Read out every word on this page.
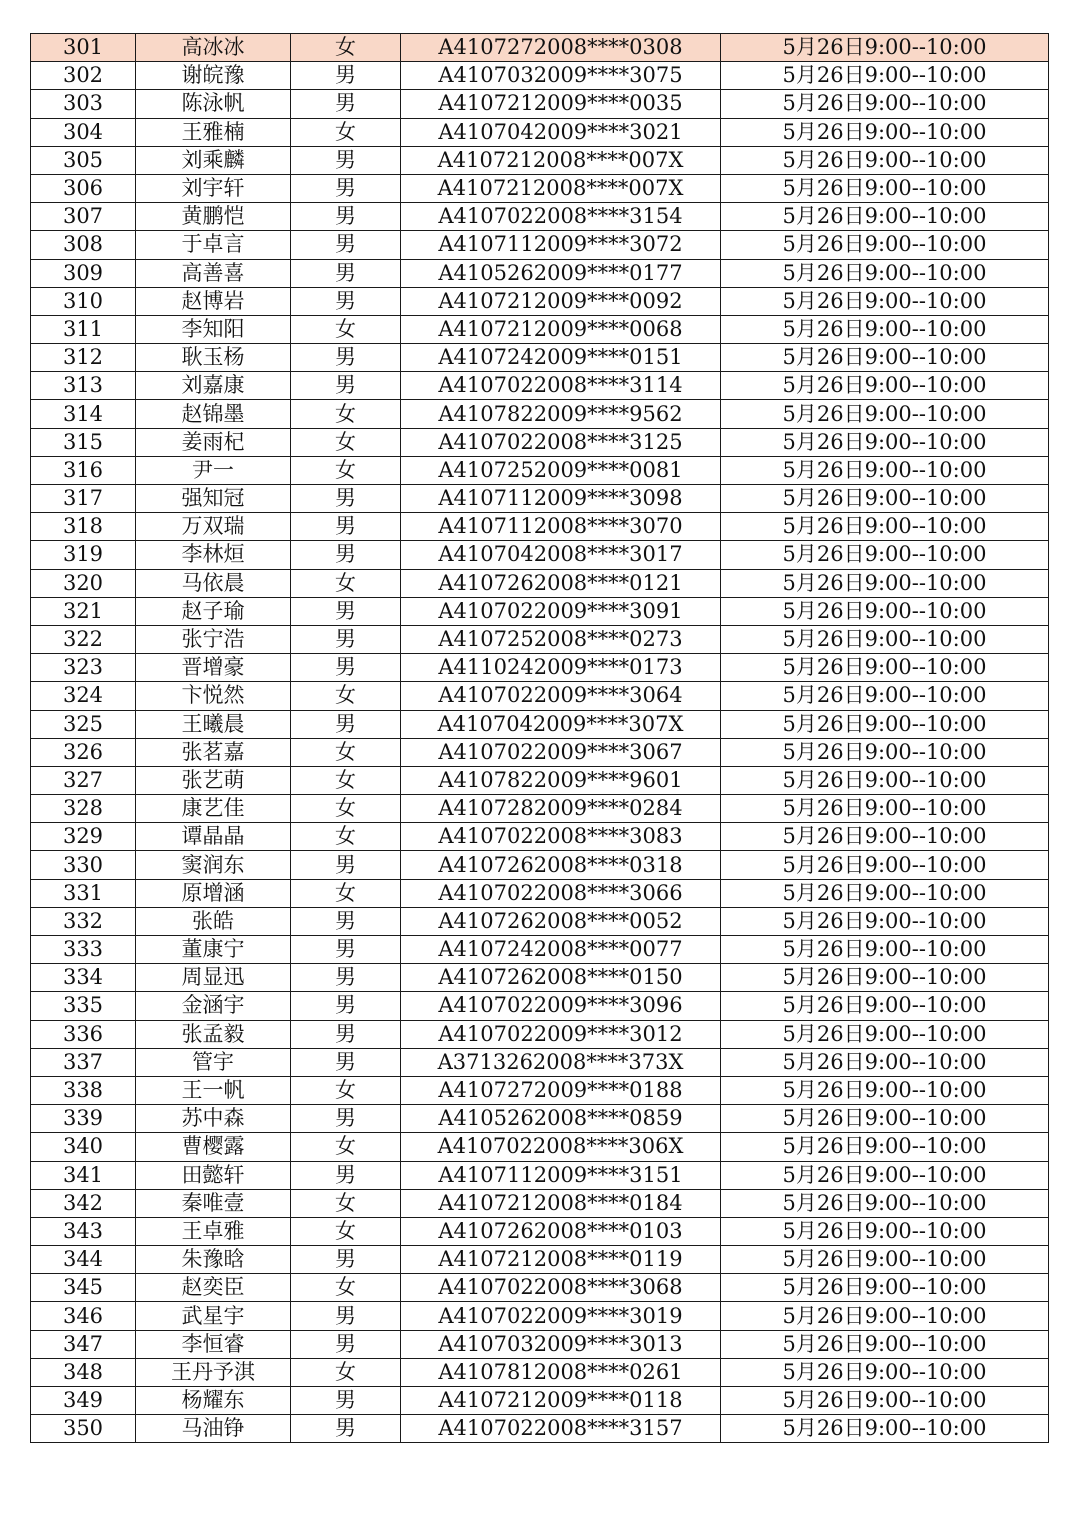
301	高冰冰	女	A4107272008****0308	5月26日9:00--10:00
302	谢皖豫	男	A4107032009****3075	5月26日9:00--10:00
303	陈泳帆	男	A4107212009****0035	5月26日9:00--10:00
304	王雅楠	女	A4107042009****3021	5月26日9:00--10:00
305	刘乘麟	男	A4107212008****007X	5月26日9:00--10:00
306	刘宇轩	男	A4107212008****007X	5月26日9:00--10:00
307	黄鹏恺	男	A4107022008****3154	5月26日9:00--10:00
308	于卓言	男	A4107112009****3072	5月26日9:00--10:00
309	高善喜	男	A4105262009****0177	5月26日9:00--10:00
310	赵博岩	男	A4107212009****0092	5月26日9:00--10:00
311	李知阳	女	A4107212009****0068	5月26日9:00--10:00
312	耿玉杨	男	A4107242009****0151	5月26日9:00--10:00
313	刘嘉康	男	A4107022008****3114	5月26日9:00--10:00
314	赵锦墨	女	A4107822009****9562	5月26日9:00--10:00
315	姜雨杞	女	A4107022008****3125	5月26日9:00--10:00
316	尹一	女	A4107252009****0081	5月26日9:00--10:00
317	强知冠	男	A4107112009****3098	5月26日9:00--10:00
318	万双瑞	男	A4107112008****3070	5月26日9:00--10:00
319	李林烜	男	A4107042008****3017	5月26日9:00--10:00
320	马依晨	女	A4107262008****0121	5月26日9:00--10:00
321	赵子瑜	男	A4107022009****3091	5月26日9:00--10:00
322	张宁浩	男	A4107252008****0273	5月26日9:00--10:00
323	晋增豪	男	A4110242009****0173	5月26日9:00--10:00
324	卞悦然	女	A4107022009****3064	5月26日9:00--10:00
325	王曦晨	男	A4107042009****307X	5月26日9:00--10:00
326	张茗嘉	女	A4107022009****3067	5月26日9:00--10:00
327	张艺萌	女	A4107822009****9601	5月26日9:00--10:00
328	康艺佳	女	A4107282009****0284	5月26日9:00--10:00
329	谭晶晶	女	A4107022008****3083	5月26日9:00--10:00
330	窦润东	男	A4107262008****0318	5月26日9:00--10:00
331	原增涵	女	A4107022008****3066	5月26日9:00--10:00
332	张皓	男	A4107262008****0052	5月26日9:00--10:00
333	董康宁	男	A4107242008****0077	5月26日9:00--10:00
334	周显迅	男	A4107262008****0150	5月26日9:00--10:00
335	金涵宇	男	A4107022009****3096	5月26日9:00--10:00
336	张孟毅	男	A4107022009****3012	5月26日9:00--10:00
337	管宇	男	A3713262008****373X	5月26日9:00--10:00
338	王一帆	女	A4107272009****0188	5月26日9:00--10:00
339	苏中森	男	A4105262008****0859	5月26日9:00--10:00
340	曹樱露	女	A4107022008****306X	5月26日9:00--10:00
341	田懿轩	男	A4107112009****3151	5月26日9:00--10:00
342	秦唯壹	女	A4107212008****0184	5月26日9:00--10:00
343	王卓雅	女	A4107262008****0103	5月26日9:00--10:00
344	朱豫晗	男	A4107212008****0119	5月26日9:00--10:00
345	赵奕臣	女	A4107022008****3068	5月26日9:00--10:00
346	武星宇	男	A4107022009****3019	5月26日9:00--10:00
347	李恒睿	男	A4107032009****3013	5月26日9:00--10:00
348	王丹予淇	女	A4107812008****0261	5月26日9:00--10:00
349	杨耀东	男	A4107212009****0118	5月26日9:00--10:00
350	马油铮	男	A4107022008****3157	5月26日9:00--10:00
